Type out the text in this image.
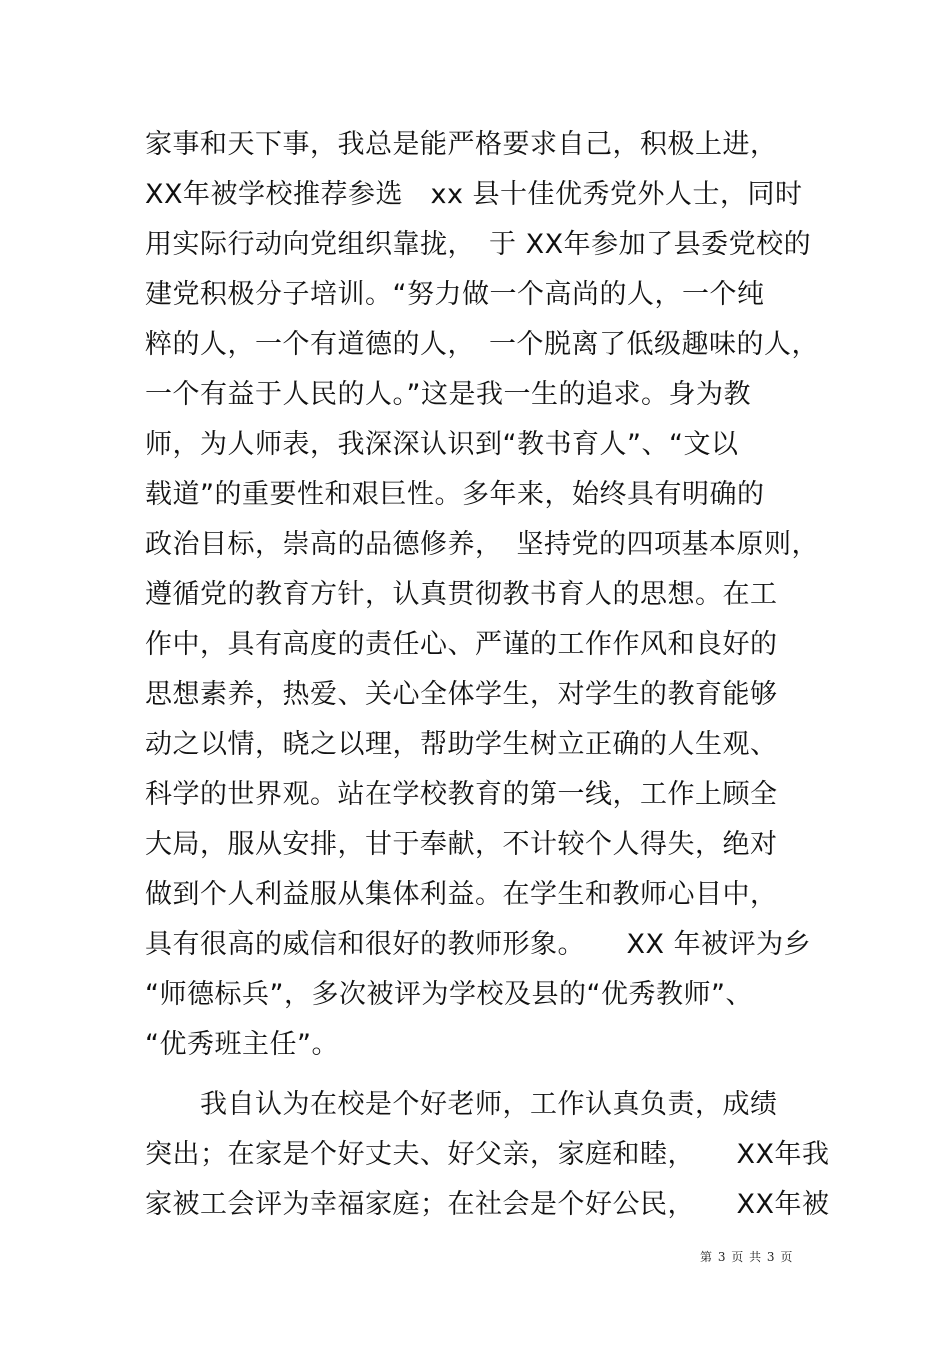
家事和天下事，我总是能严格要求自己，积极上进，
XX年被学校推荐参选　xx 县十佳优秀党外人士，同时
用实际行动向党组织靠拢，　于 XX年参加了县委党校的
建党积极分子培训。“努力做一个高尚的人，一个纯
粹的人，一个有道德的人，　一个脱离了低级趣味的人，
一个有益于人民的人。”这是我一生的追求。身为教
师，为人师表，我深深认识到“教书育人”、“文以
载道”的重要性和艰巨性。多年来，始终具有明确的
政治目标，崇高的品德修养，　坚持党的四项基本原则，
遵循党的教育方针，认真贯彻教书育人的思想。在工
作中，具有高度的责任心、严谨的工作作风和良好的
思想素养，热爱、关心全体学生，对学生的教育能够
动之以情，晓之以理，帮助学生树立正确的人生观、
科学的世界观。站在学校教育的第一线，工作上顾全
大局，服从安排，甘于奉献，不计较个人得失，绝对
做到个人利益服从集体利益。在学生和教师心目中，
具有很高的威信和很好的教师形象。　　XX 年被评为乡
“师德标兵”，多次被评为学校及县的“优秀教师”、
“优秀班主任”。
　　我自认为在校是个好老师，工作认真负责，成绩
突出；在家是个好丈夫、好父亲，家庭和睦，　　XX年我
家被工会评为幸福家庭；在社会是个好公民，　　XX年被
第 3 页 共 3 页
